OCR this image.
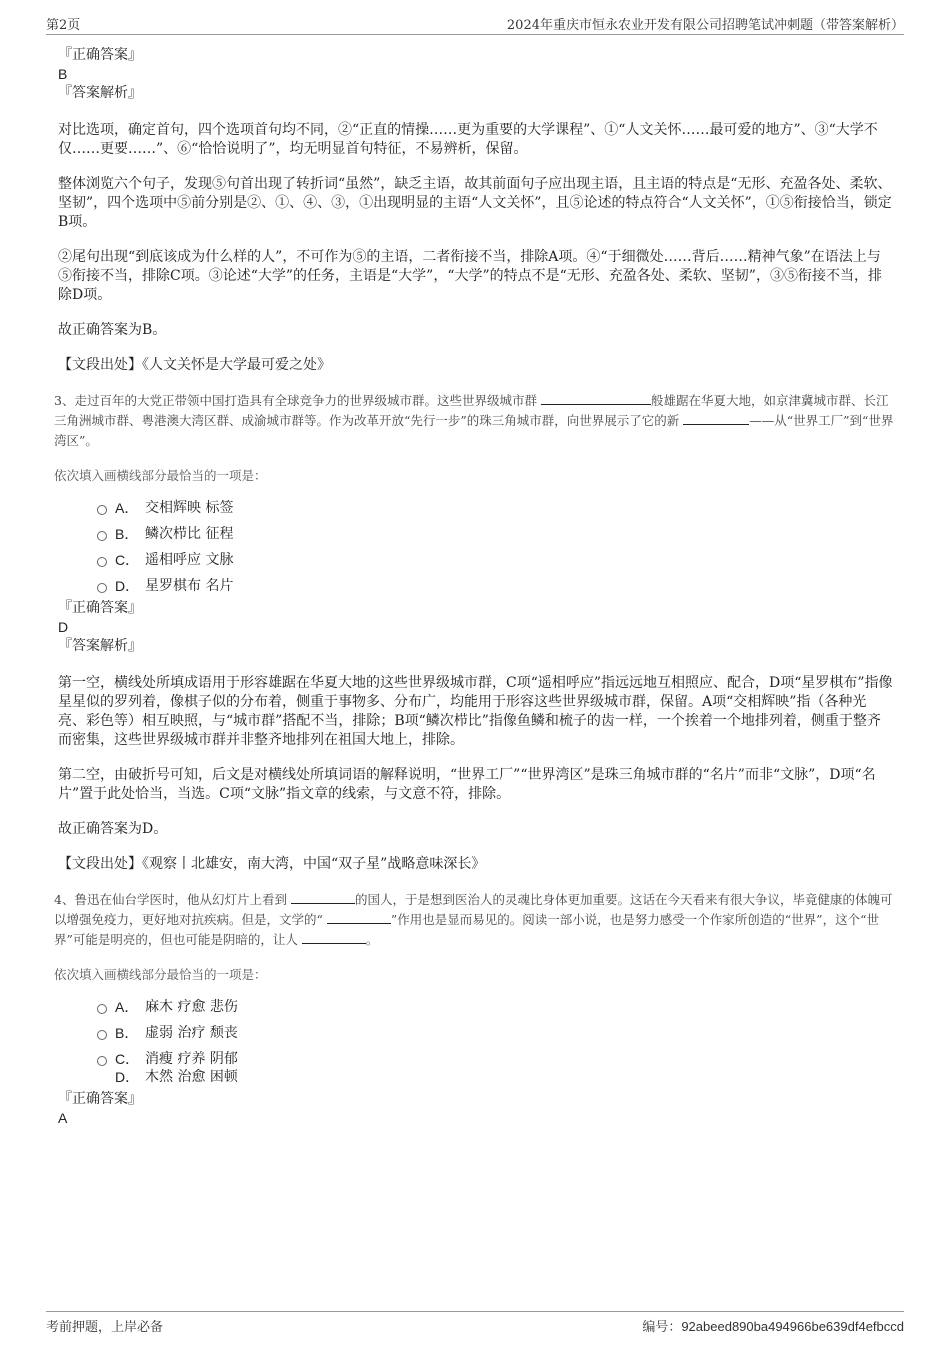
第2页	2024年重庆市恒永农业开发有限公司招聘笔试冲刺题（带答案解析）

『正确答案』

B

『答案解析』

对比选项，确定首句，四个选项首句均不同，②“正直的情操……更为重要的大学课程”、①“人文关怀……最可爱的地方”、③“大学不仅……更要……”、⑥“恰恰说明了”，均无明显首句特征，不易辨析，保留。

整体浏览六个句子，发现⑤句首出现了转折词“虽然”，缺乏主语，故其前面句子应出现主语，且主语的特点是“无形、充盈各处、柔软、坚韧”，四个选项中⑤前分别是②、①、④、③，①出现明显的主语“人文关怀”，且⑤论述的特点符合“人文关怀”，①⑤衔接恰当，锁定B项。

②尾句出现“到底该成为什么样的人”，不可作为⑤的主语，二者衔接不当，排除A项。④“于细微处……背后……精神气象”在语法上与⑤衔接不当，排除C项。③论述“大学”的任务，主语是“大学”，“大学”的特点不是“无形、充盈各处、柔软、坚韧”，③⑤衔接不当，排除D项。

故正确答案为B。

【文段出处】《人文关怀是大学最可爱之处》

3、走过百年的大党正带领中国打造具有全球竞争力的世界级城市群。这些世界级城市群	般雄踞在华夏大地，如京津冀城市群、长江三角洲城市群、粤港澳大湾区群、成渝城市群等。作为改革开放“先行一步”的珠三角城市群，向世界展示了它的新	——从“世界工厂”到“世界湾区”。

依次填入画横线部分最恰当的一项是：

A． 交相辉映 标签
B． 鳞次栉比 征程
C． 遥相呼应 文脉
D． 星罗棋布 名片

『正确答案』

D

『答案解析』

第一空，横线处所填成语用于形容雄踞在华夏大地的这些世界级城市群，C项“遥相呼应”指远远地互相照应、配合，D项“星罗棋布”指像星星似的罗列着，像棋子似的分布着，侧重于事物多、分布广，均能用于形容这些世界级城市群，保留。A项“交相辉映”指（各种光亮、彩色等）相互映照，与“城市群”搭配不当，排除；B项“鳞次栉比”指像鱼鳞和梳子的齿一样，一个挨着一个地排列着，侧重于整齐而密集，这些世界级城市群并非整齐地排列在祖国大地上，排除。

第二空，由破折号可知，后文是对横线处所填词语的解释说明，“世界工厂”“世界湾区”是珠三角城市群的“名片”而非“文脉”，D项“名片”置于此处恰当，当选。C项“文脉”指文章的线索，与文意不符，排除。

故正确答案为D。

【文段出处】《观察丨北雄安，南大湾，中国“双子星”战略意味深长》

4、鲁迅在仙台学医时，他从幻灯片上看到	的国人，于是想到医治人的灵魂比身体更加重要。这话在今天看来有很大争议，毕竟健康的体魄可以增强免疫力，更好地对抗疾病。但是，文学的“	”作用也是显而易见的。阅读一部小说，也是努力感受一个作家所创造的“世界”，这个“世界”可能是明亮的，但也可能是阴暗的，让人	。

依次填入画横线部分最恰当的一项是：

A． 麻木 疗愈 悲伤
B． 虚弱 治疗 颓丧
C． 消瘦 疗养 阴郁
D． 木然 治愈 困顿

『正确答案』

A

考前押题，上岸必备	编号：92abeed890ba494966be639df4efbccd
